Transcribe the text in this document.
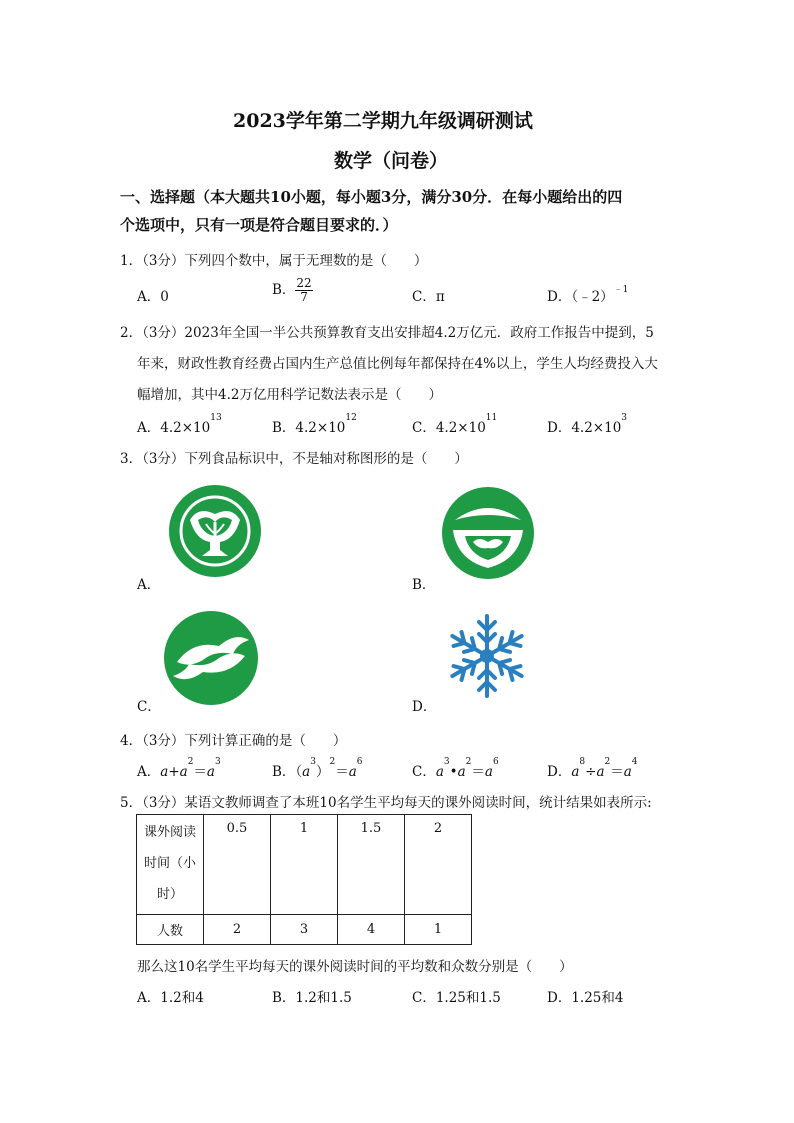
2023学年第二学期九年级调研测试
数学（问卷）
一、选择题（本大题共10小题，每小题3分，满分30分．在每小题给出的四
个选项中，只有一项是符合题目要求的．）
1．（3分）下列四个数中，属于无理数的是（　　）
A．0	B． $\frac{22}{7}$	C．π	D．（﹣2）$^{﹣1}$
2．（3分）2023年全国一半公共预算教育支出安排超4.2万亿元．政府工作报告中提到，5
年来，财政性教育经费占国内生产总值比例每年都保持在4%以上，学生人均经费投入大
幅增加，其中4.2万亿用科学记数法表示是（　　）
A．$4.2\times 10^{13}$
B．$4.2\times 10^{12}$
C．$4.2\times 10^{11}$
D．$4.2\times 10^3$
3．（3分）下列食品标识中，不是轴对称图形的是（　　）
A．	B．
C．	D．
4．（3分）下列计算正确的是（　　）
A．$a+a^2=a^3$
B．$(a^3)^2=a^6$
C．$a^3•a^2=a^6$
D．$a^8\div a^2=a^4$
5．（3分）某语文教师调查了本班10名学生平均每天的课外阅读时间，统计结果如表所示:
课外阅读
时间（小
时）	0.5	1	1.5	2
人数	2	3	4	1
那么这10名学生平均每天的课外阅读时间的平均数和众数分别是（　　）
A．1.2和4	B．1.2和1.5	C．1.25和1.5	D．1.25和4
